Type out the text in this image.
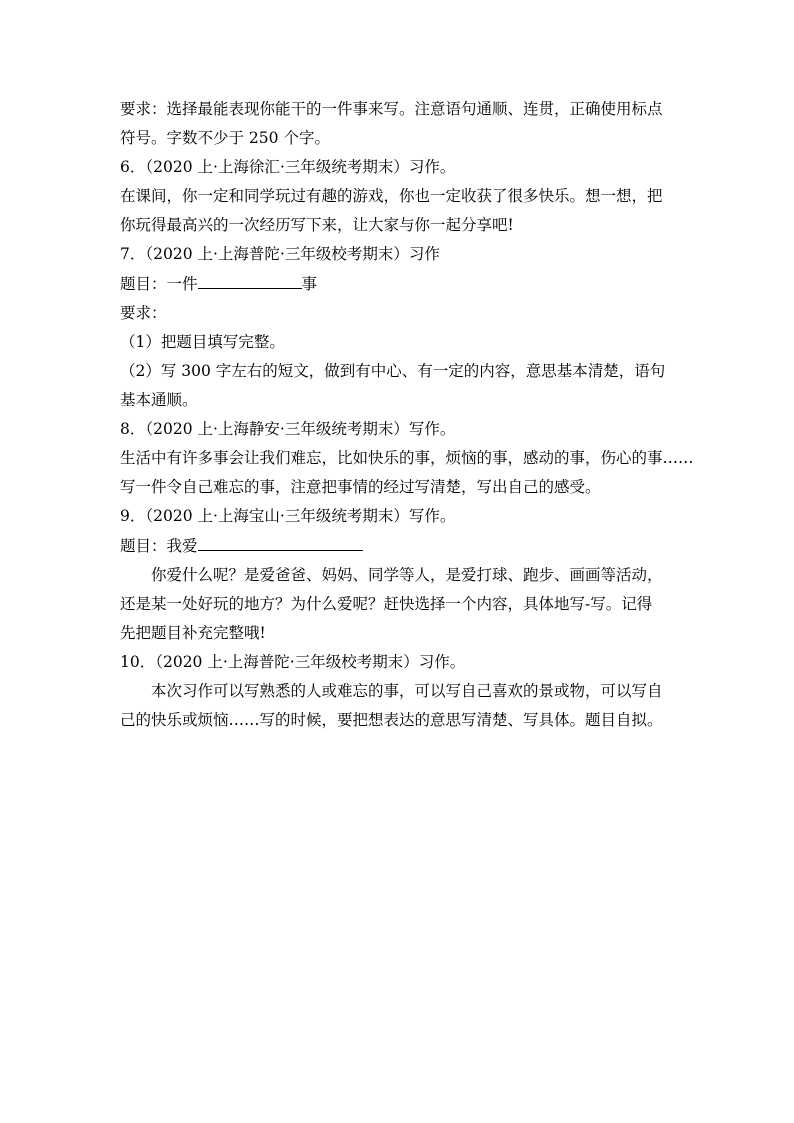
要求：选择最能表现你能干的一件事来写。注意语句通顺、连贯，正确使用标点
符号。字数不少于 250 个字。
6．（2020 上·上海徐汇·三年级统考期末）习作。
在课间，你一定和同学玩过有趣的游戏，你也一定收获了很多快乐。想一想，把
你玩得最高兴的一次经历写下来，让大家与你一起分享吧!
7．（2020 上·上海普陀·三年级校考期末）习作
题目：一件	事
要求：
（1）把题目填写完整。
（2）写 300 字左右的短文，做到有中心、有一定的内容，意思基本清楚，语句
基本通顺。
8．（2020 上·上海静安·三年级统考期末）写作。
生活中有许多事会让我们难忘，比如快乐的事，烦恼的事，感动的事，伤心的事……
写一件令自己难忘的事，注意把事情的经过写清楚，写出自己的感受。
9．（2020 上·上海宝山·三年级统考期末）写作。
题目：我爱
你爱什么呢？是爱爸爸、妈妈、同学等人，是爱打球、跑步、画画等活动，
还是某一处好玩的地方？为什么爱呢？赶快选择一个内容，具体地写-写。记得
先把题目补充完整哦!
10．（2020 上·上海普陀·三年级校考期末）习作。
本次习作可以写熟悉的人或难忘的事，可以写自己喜欢的景或物，可以写自
己的快乐或烦恼……写的时候，要把想表达的意思写清楚、写具体。题目自拟。
